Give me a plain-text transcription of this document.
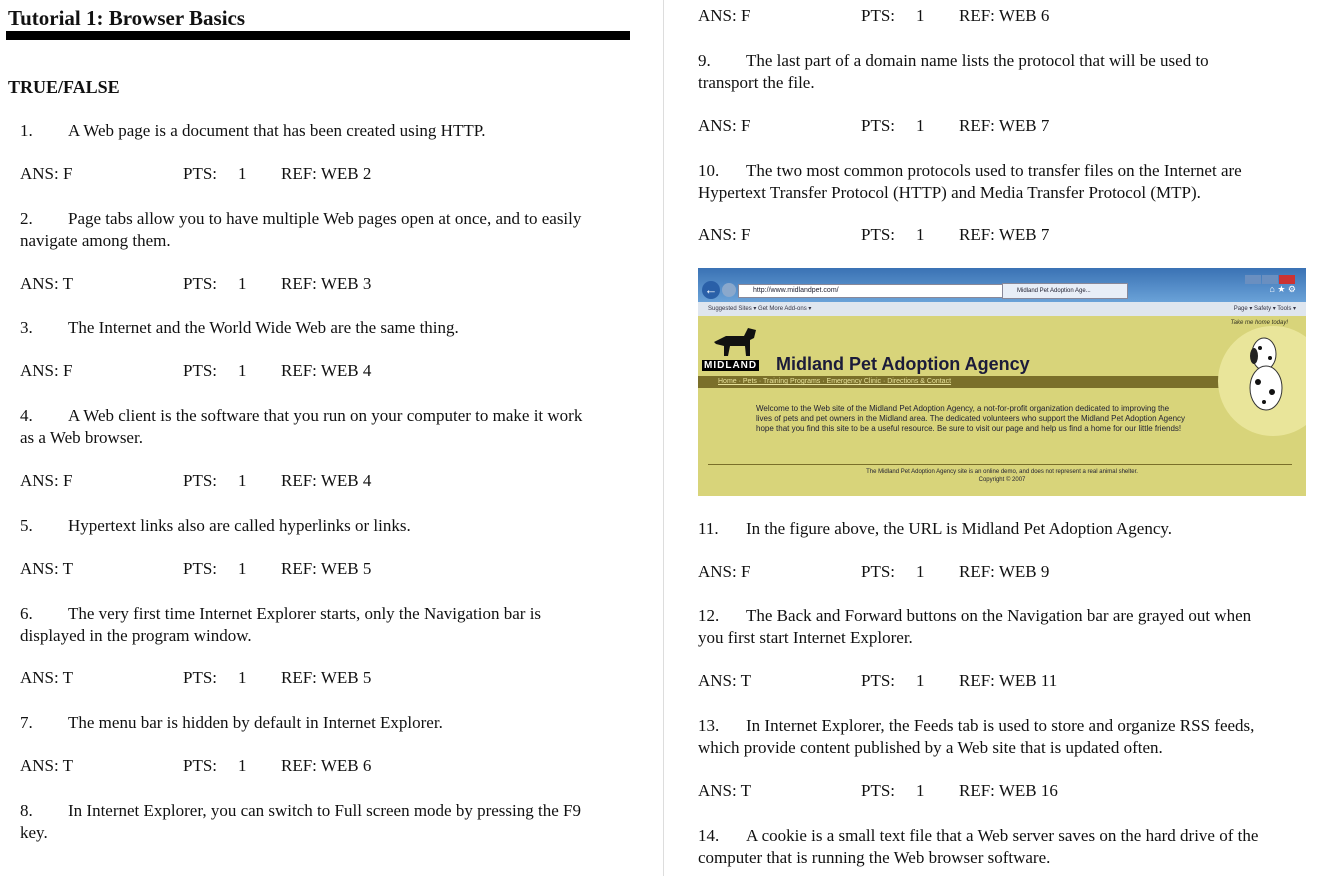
Tutorial 1: Browser Basics
TRUE/FALSE
1. A Web page is a document that has been created using HTTP.
ANS: F	PTS: 1 REF: WEB 2
2. Page tabs allow you to have multiple Web pages open at once, and to easily
navigate among them.
ANS: T	PTS: 1 REF: WEB 3
3. The Internet and the World Wide Web are the same thing.
ANS: F	PTS: 1 REF: WEB 4
4. A Web client is the software that you run on your computer to make it work
as a Web browser.
ANS: F	PTS: 1 REF: WEB 4
5. Hypertext links also are called hyperlinks or links.
ANS: T	PTS: 1 REF: WEB 5
6. The very first time Internet Explorer starts, only the Navigation bar is
displayed in the program window.
ANS: T	PTS: 1 REF: WEB 5
7. The menu bar is hidden by default in Internet Explorer.
ANS: T	PTS: 1 REF: WEB 6
8. In Internet Explorer, you can switch to Full screen mode by pressing the F9
key.
ANS: F	PTS: 1 REF: WEB 6
9. The last part of a domain name lists the protocol that will be used to
transport the file.
ANS: F	PTS: 1 REF: WEB 7
10. The two most common protocols used to transfer files on the Internet are
Hypertext Transfer Protocol (HTTP) and Media Transfer Protocol (MTP).
ANS: F	PTS: 1 REF: WEB 7
11. In the figure above, the URL is Midland Pet Adoption Agency.
ANS: F	PTS: 1 REF: WEB 9
12. The Back and Forward buttons on the Navigation bar are grayed out when
you first start Internet Explorer.
ANS: T	PTS: 1 REF: WEB 11
13. In Internet Explorer, the Feeds tab is used to store and organize RSS feeds,
which provide content published by a Web site that is updated often.
ANS: T	PTS: 1 REF: WEB 16
14. A cookie is a small text file that a Web server saves on the hard drive of the
computer that is running the Web browser software.
←	http://www.midlandpet.com/	Midland Pet Adoption Age...	⌂ ★ ⚙
Suggested Sites ▾ Get More Add-ons ▾	Page ▾ Safety ▾ Tools ▾
Take me home today!
MIDLAND Midland Pet Adoption Agency
Home · Pets · Training Programs · Emergency Clinic · Directions & Contact
Welcome to the Web site of the Midland Pet Adoption Agency, a not-for-profit organization dedicated to improving the lives of pets and pet owners in the Midland area. The dedicated volunteers who support the Midland Pet Adoption Agency hope that you find this site to be a useful resource. Be sure to visit our page and help us find a home for our little friends!
The Midland Pet Adoption Agency site is an online demo, and does not represent a real animal shelter.
Copyright © 2007
